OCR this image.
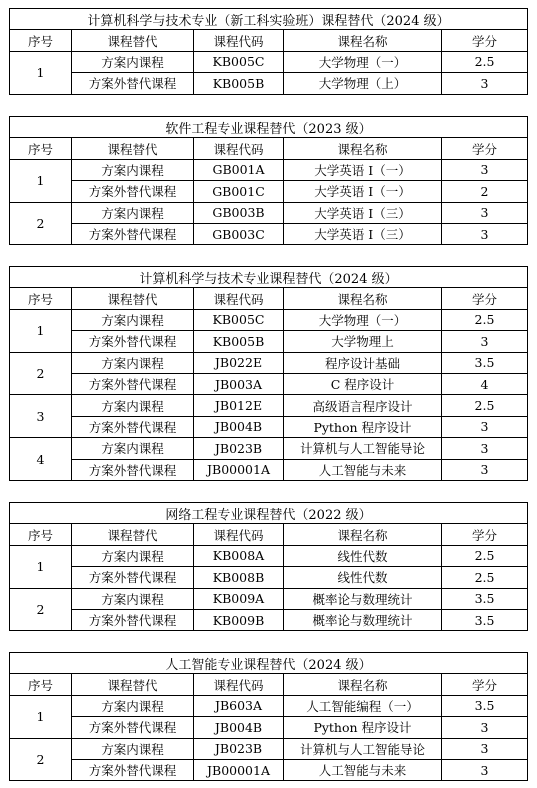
计算机科学与技术专业（新工科实验班）课程替代（2024 级）				
序号	课程替代	课程代码	课程名称	学分
1	方案内课程	KB005C	大学物理（一）	2.5
	方案外替代课程	KB005B	大学物理（上）	3
软件工程专业课程替代（2023 级）				
序号	课程替代	课程代码	课程名称	学分
1	方案内课程	GB001A	大学英语 I（一）	3
	方案外替代课程	GB001C	大学英语 I（一）	2
2	方案内课程	GB003B	大学英语 I（三）	3
	方案外替代课程	GB003C	大学英语 I（三）	3
计算机科学与技术专业课程替代（2024 级）				
序号	课程替代	课程代码	课程名称	学分
1	方案内课程	KB005C	大学物理（一）	2.5
	方案外替代课程	KB005B	大学物理上	3
2	方案内课程	JB022E	程序设计基础	3.5
	方案外替代课程	JB003A	C 程序设计	4
3	方案内课程	JB012E	高级语言程序设计	2.5
	方案外替代课程	JB004B	Python 程序设计	3
4	方案内课程	JB023B	计算机与人工智能导论	3
	方案外替代课程	JB00001A	人工智能与未来	3
网络工程专业课程替代（2022 级）				
序号	课程替代	课程代码	课程名称	学分
1	方案内课程	KB008A	线性代数	2.5
	方案外替代课程	KB008B	线性代数	2.5
2	方案内课程	KB009A	概率论与数理统计	3.5
	方案外替代课程	KB009B	概率论与数理统计	3.5
人工智能专业课程替代（2024 级）				
序号	课程替代	课程代码	课程名称	学分
1	方案内课程	JB603A	人工智能编程（一）	3.5
	方案外替代课程	JB004B	Python 程序设计	3
2	方案内课程	JB023B	计算机与人工智能导论	3
	方案外替代课程	JB00001A	人工智能与未来	3
